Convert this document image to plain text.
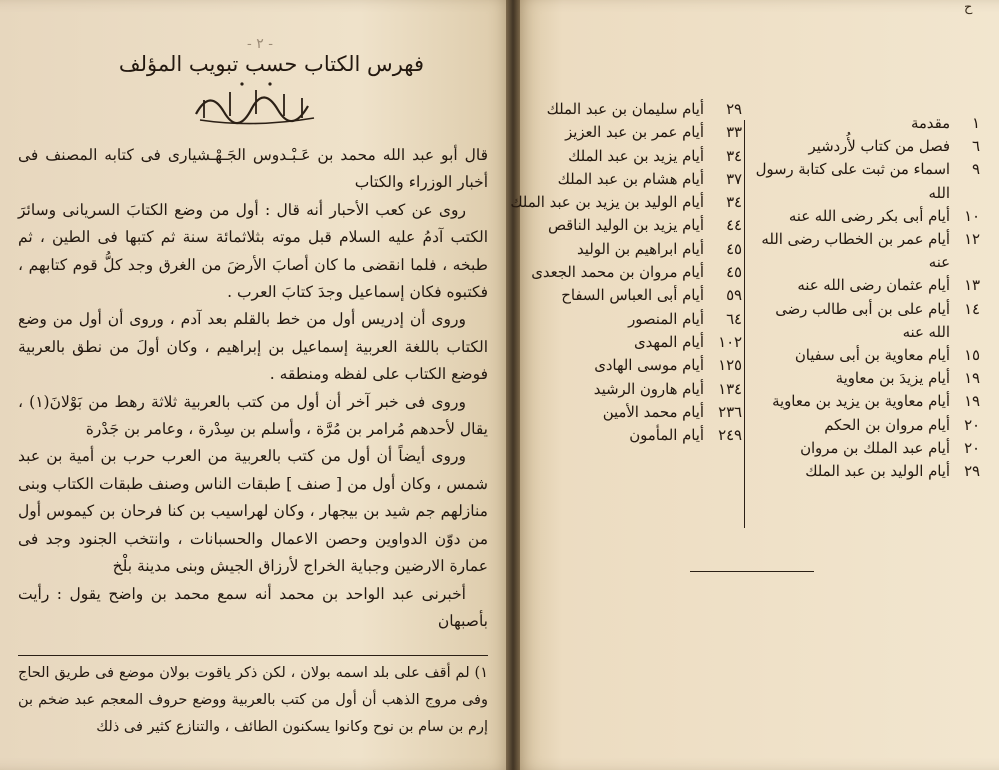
- ٢ -

قال أبو عبد الله محمد بن عَـبْـدوس الجَـهْـشيارى فى كتابه المصنف فى أخبار الوزراء والكتاب

روى عن كعب الأحبار أنه قال : أول من وضع الكتابَ السريانى وسائرَ الكتب آدمُ عليه السلام قبل موته بثلاثمائة سنة ثم كتبها فى الطين ، ثم طبخه ، فلما انقضى ما كان أصابَ الأرضَ من الغرق وجد كلُّ قوم كتابهم ، فكتبوه فكان إسماعيل وجدَ كتابَ العرب .

وروى أن إدريس أول من خط بالقلم بعد آدم ، وروى أن أول من وضع الكتاب باللغة العربية إسماعيل بن إبراهيم ، وكان أولَ من نطق بالعربية فوضع الكتاب على لفظه ومنطقه .

وروى فى خبر آخر أن أول من كتب بالعربية ثلاثة رهط من بَوْلانَ(١) ، يقال لأحدهم مُرامر بن مُرَّة ، وأسلم بن سِدْرة ، وعامر بن جَدْرة

وروى أيضاً أن أول من كتب بالعربية من العرب حرب بن أمية بن عبد شمس ، وكان أول من [ صنف ] طبقات الناس وصنف طبقات الكتاب وبنى منازلهم جم شيد بن بيجهار ، وكان لهراسيب بن كنا فرحان بن كيموس أول من دوّن الدواوين وحصن الاعمال والحسبانات ، وانتخب الجنود وجد فى عمارة الارضين وجباية الخراج لأرزاق الجيش وبنى مدينة بلْخ

أخبرنى عبد الواحد بن محمد أنه سمع محمد بن واضح يقول : رأيت بأصبهان

١) لم أقف على بلد اسمه بولان ، لكن ذكر ياقوت بولان موضع فى طريق الحاج وفى مروج الذهب أن أول من كتب بالعربية ووضع حروف المعجم عبد ضخم بن إرم بن سام بن نوح وكانوا يسكنون الطائف ، والتنازع كثير فى ذلك

ح
فهرس الكتاب حسب تبويب المؤلف
١
مقدمة
٦
فصل من كتاب لأُردشير
٩
اسماء من ثبت على كتابة رسول الله
١٠
أيام أبى بكر رضى الله عنه
١٢
أيام عمر بن الخطاب رضى الله عنه
١٣
أيام عثمان رضى الله عنه
١٤
أيام على بن أبى طالب رضى الله عنه
١٥
أيام معاوية بن أبى سفيان
١٩
أيام يزيدَ بن معاوية
١٩
أيام معاوية بن يزيد بن معاوية
٢٠
أيام مروان بن الحكم
٢٠
أيام عبد الملك بن مروان
٢٩
أيام الوليد بن عبد الملك
٢٩
أيام سليمان بن عبد الملك
٣٣
أيام عمر بن عبد العزيز
٣٤
أيام يزيد بن عبد الملك
٣٧
أيام هشام بن عبد الملك
٣٤
أيام الوليد بن يزيد بن عبد الملك
٤٤
أيام يزيد بن الوليد الناقص
٤٥
أيام ابراهيم بن الوليد
٤٥
أيام مروان بن محمد الجعدى
٥٩
أيام أبى العباس السفاح
٦٤
أيام المنصور
١٠٢
أيام المهدى
١٢٥
أيام موسى الهادى
١٣٤
أيام هارون الرشيد
٢٣٦
أيام محمد الأمين
٢٤٩
أيام المأمون
